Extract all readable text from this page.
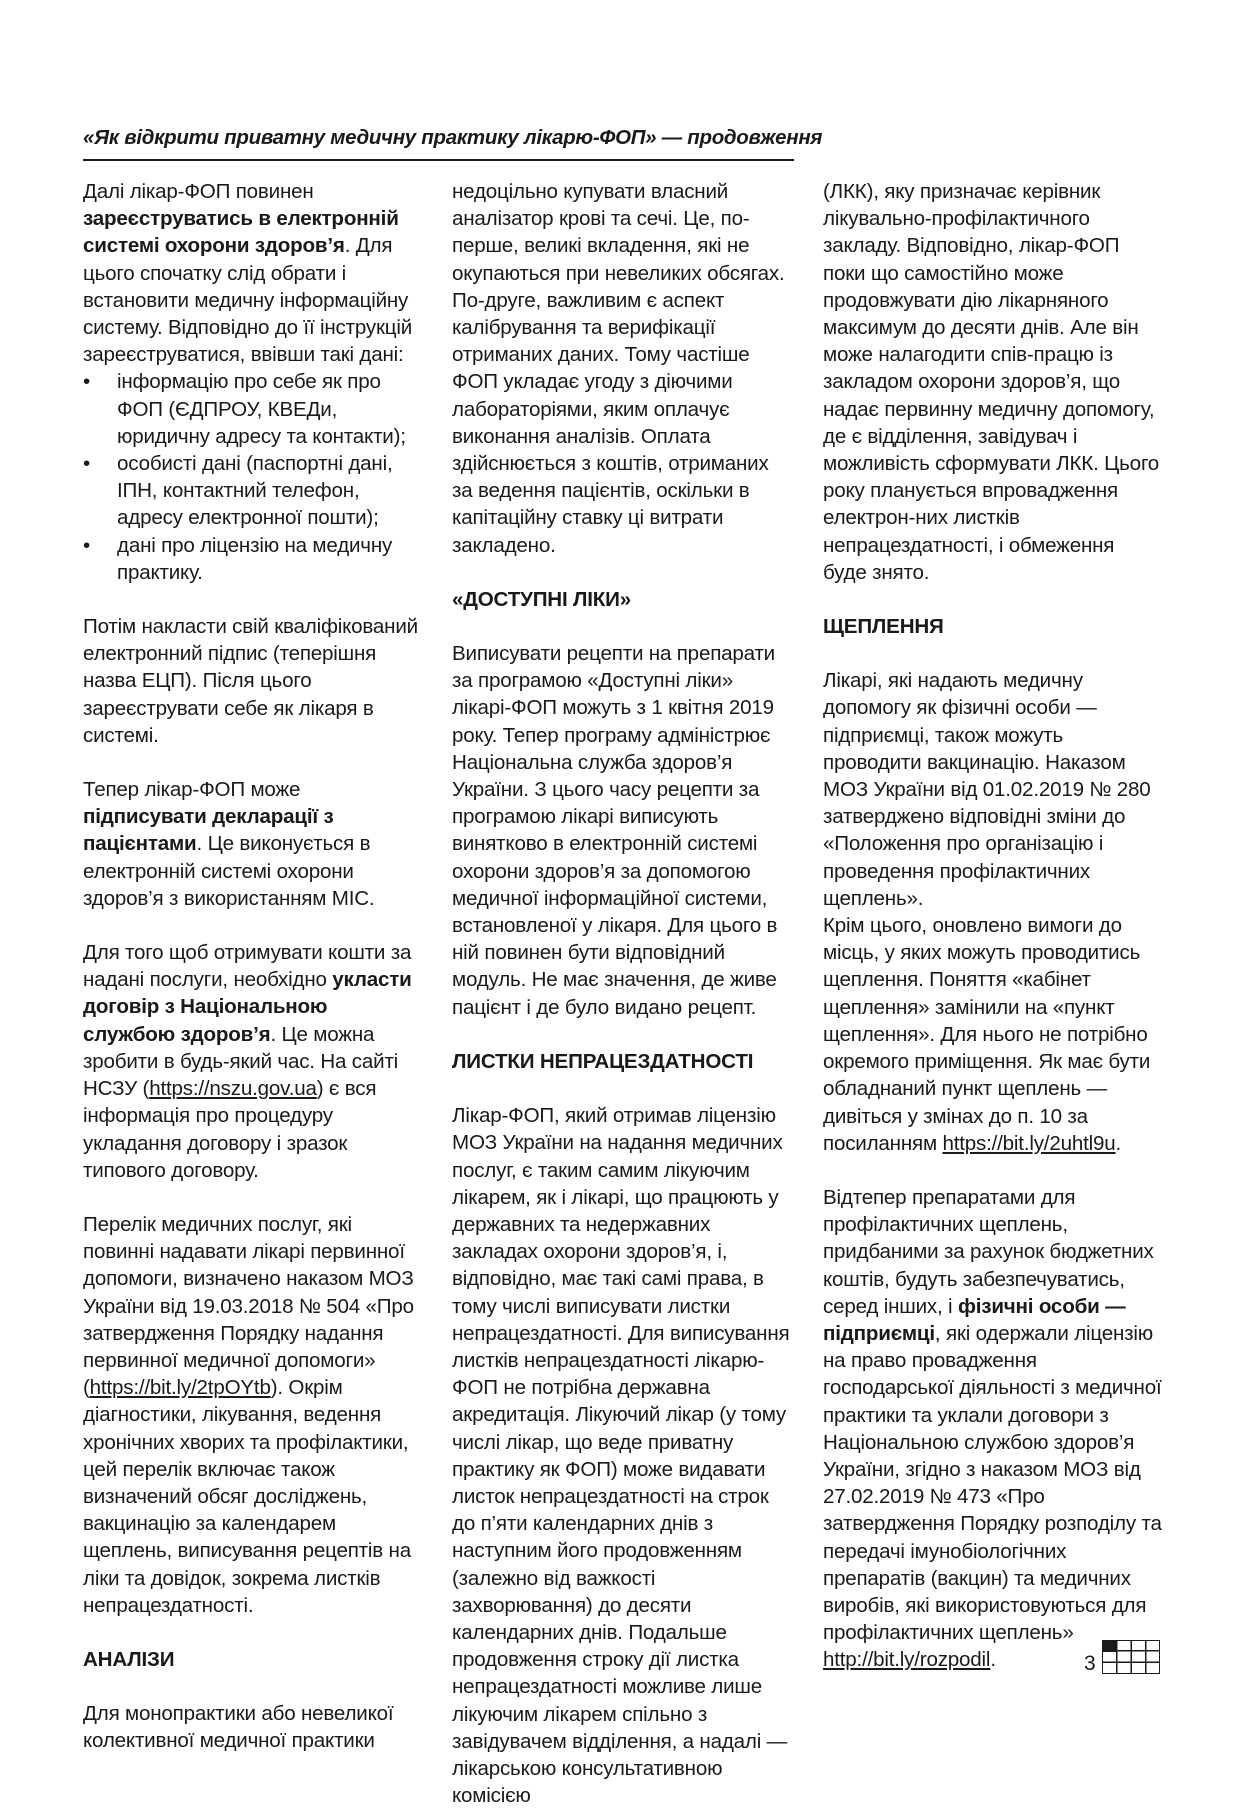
«Як відкрити приватну медичну практику лікарю-ФОП» — продовження

Далі лікар-ФОП повинен зареєструватись в електронній системі охорони здоров’я. Для цього спочатку слід обрати і встановити медичну інформаційну систему. Відповідно до її інструкцій зареєструватися, ввівши такі дані:

• інформацію про себе як про ФОП (ЄДПРОУ, КВЕДи, юридичну адресу та контакти);
• особисті дані (паспортні дані, ІПН, контактний телефон, адресу електронної пошти);
• дані про ліцензію на медичну практику.

Потім накласти свій кваліфікований електронний підпис (теперішня назва ЕЦП). Після цього зареєструвати себе як лікаря в системі.

Тепер лікар-ФОП може підписувати декларації з пацієнтами. Це виконується в електронній системі охорони здоров’я з використанням МІС.

Для того щоб отримувати кошти за надані послуги, необхідно укласти договір з Національною службою здоров’я. Це можна зробити в будь-який час. На сайті НСЗУ (https://nszu.gov.ua) є вся інформація про процедуру укладання договору і зразок типового договору.

Перелік медичних послуг, які повинні надавати лікарі первинної допомоги, визначено наказом МОЗ України від 19.03.2018 № 504 «Про затвердження Порядку надання первинної медичної допомоги» (https://bit.ly/2tpOYtb). Окрім діагностики, лікування, ведення хронічних хворих та профілактики, цей перелік включає також визначений обсяг досліджень, вакцинацію за календарем щеплень, виписування рецептів на ліки та довідок, зокрема листків непрацездатності.

АНАЛІЗИ

Для монопрактики або невеликої колективної медичної практики

недоцільно купувати власний аналізатор крові та сечі. Це, по-перше, великі вкладення, які не окупаються при невеликих обсягах. По-друге, важливим є аспект калібрування та верифікації отриманих даних. Тому частіше ФОП укладає угоду з діючими лабораторіями, яким оплачує виконання аналізів. Оплата здійснюється з коштів, отриманих за ведення пацієнтів, оскільки в капітаційну ставку ці витрати закладено.

«ДОСТУПНІ ЛІКИ»

Виписувати рецепти на препарати за програмою «Доступні ліки» лікарі-ФОП можуть з 1 квітня 2019 року. Тепер програму адміністрює Національна служба здоров’я України. З цього часу рецепти за програмою лікарі виписують винятково в електронній системі охорони здоров’я за допомогою медичної інформаційної системи, встановленої у лікаря. Для цього в ній повинен бути відповідний модуль. Не має значення, де живе пацієнт і де було видано рецепт.

ЛИСТКИ НЕПРАЦЕЗДАТНОСТІ

Лікар-ФОП, який отримав ліцензію МОЗ України на надання медичних послуг, є таким самим лікуючим лікарем, як і лікарі, що працюють у державних та недержавних закладах охорони здоров’я, і, відповідно, має такі самі права, в тому числі виписувати листки непрацездатності. Для виписування листків непрацездатності лікарю-ФОП не потрібна державна акредитація. Лікуючий лікар (у тому числі лікар, що веде приватну практику як ФОП) може видавати листок непрацездатності на строк до п’яти календарних днів з наступним його продовженням (залежно від важкості захворювання) до десяти календарних днів. Подальше продовження строку дії листка непрацездатності можливе лише лікуючим лікарем спільно з завідувачем відділення, а надалі — лікарською консультативною комісією

(ЛКК), яку призначає керівник лікувально-профілактичного закладу. Відповідно, лікар-ФОП поки що самостійно може продовжувати дію лікарняного максимум до десяти днів. Але він може налагодити спів-працю із закладом охорони здоров’я, що надає первинну медичну допомогу, де є відділення, завідувач і можливість сформувати ЛКК. Цього року планується впровадження електрон-них листків непрацездатності, і обмеження буде знято.

ЩЕПЛЕННЯ

Лікарі, які надають медичну допомогу як фізичні особи — підприємці, також можуть проводити вакцинацію. Наказом МОЗ України від 01.02.2019 № 280 затверджено відповідні зміни до «Положення про організацію і проведення профілактичних щеплень».

Крім цього, оновлено вимоги до місць, у яких можуть проводитись щеплення. Поняття «кабінет щеплення» замінили на «пункт щеплення». Для нього не потрібно окремого приміщення. Як має бути обладнаний пункт щеплень — дивіться у змінах до п. 10 за посиланням https://bit.ly/2uhtl9u.

Відтепер препаратами для профілактичних щеплень, придбаними за рахунок бюджетних коштів, будуть забезпечуватись, серед інших, і фізичні особи — підприємці, які одержали ліцензію на право провадження господарської діяльності з медичної практики та уклали договори з Національною службою здоров’я України, згідно з наказом МОЗ від 27.02.2019 № 473 «Про затвердження Порядку розподілу та передачі імунобіологічних препаратів (вакцин) та медичних виробів, які використовуються для профілактичних щеплень» http://bit.ly/rozpodil.	3
